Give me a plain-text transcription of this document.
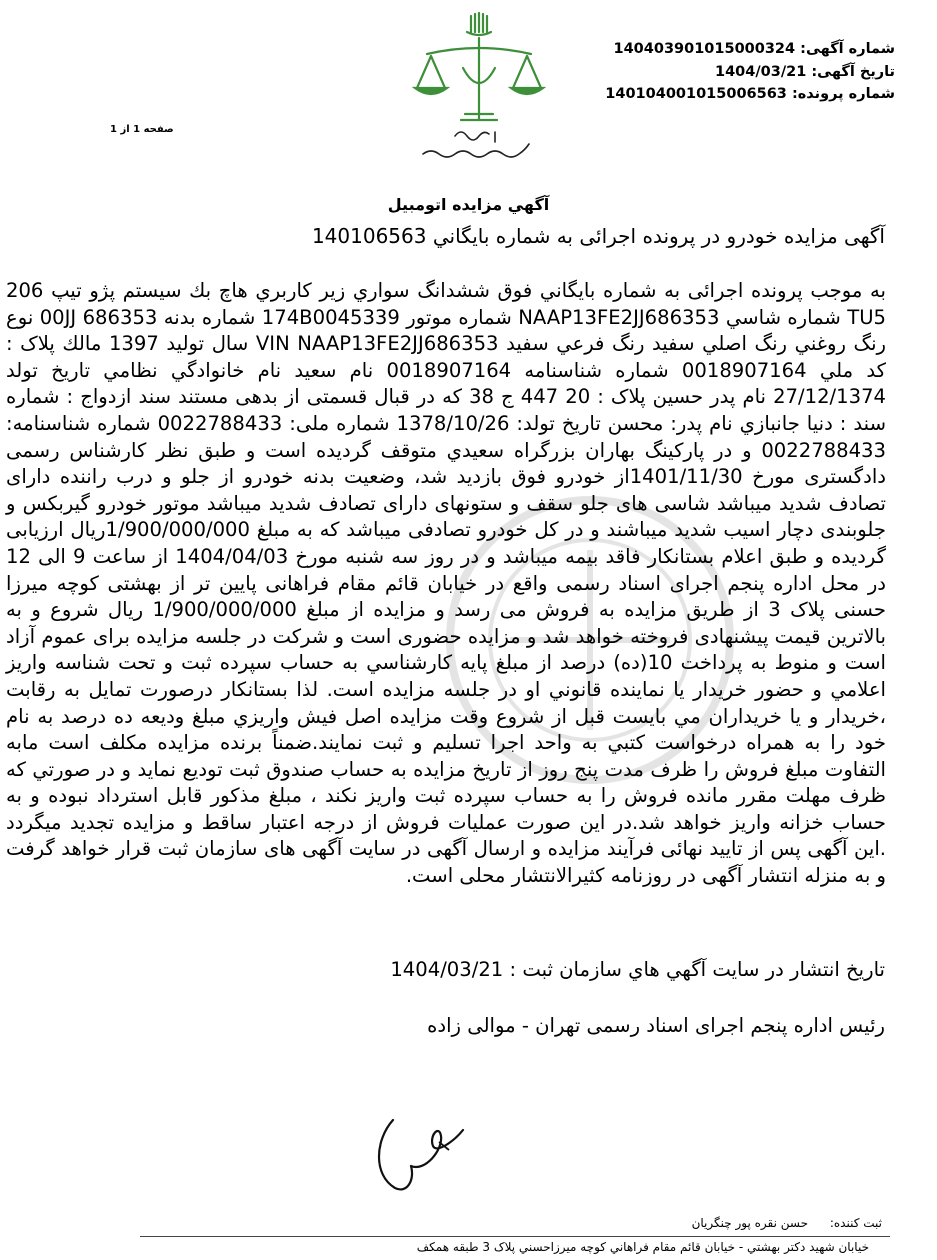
شماره آگهی: 140403901015000324
تاریخ آگهی: 1404/03/21
شماره پرونده: 140104001015006563
صفحه 1 از 1
آگهي مزايده اتومبيل
آگهی مزایده خودرو در پرونده اجرائی به شماره بایگاني 140106563
به موجب پرونده اجرائی به شماره بايگاني فوق ششدانگ سواري زير كاربري هاچ بك سيستم پژو تيپ 206 TU5 شماره شاسي NAAP13FE2JJ686353 شماره موتور 174B0045339 شماره بدنه 00JJ 686353 نوع رنگ روغني رنگ اصلي سفيد رنگ فرعي سفيد VIN NAAP13FE2JJ686353 سال توليد 1397 مالك پلاک : كد ملي 0018907164 شماره شناسنامه 0018907164 نام سعيد نام خانوادگي نظامي تاريخ تولد 27/12/1374 نام پدر حسين پلاک : 20 447 ج 38 که در قبال قسمتی از بدهی مستند سند ازدواج : شماره سند : دنيا جانبازي نام پدر: محسن تاریخ تولد: 1378/10/26 شماره ملی: 0022788433 شماره شناسنامه: 0022788433 و در پاركينگ بهاران بزرگراه سعيدي متوقف گرديده است و طبق نظر كارشناس رسمی دادگستری مورخ 1401/11/30از خودرو فوق بازديد شد، وضعيت بدنه خودرو از جلو و درب راننده دارای تصادف شديد ميباشد شاسی های جلو سقف و ستونهای دارای تصادف شديد ميباشد موتور خودرو گیربکس و جلوبندی دچار اسيب شديد ميباشند و در کل خودرو تصادفی ميباشد که به مبلغ 1/900/000/000ريال ارزيابی گرديده و طبق اعلام بستانكار فاقد بیمه میباشد و در روز سه شنبه مورخ 1404/04/03 از ساعت 9 الی 12 در محل اداره پنجم اجرای اسناد رسمی واقع در خیابان قائم مقام فراهانی پایین تر از بهشتی کوچه میرزا حسنی پلاک 3 از طریق مزایده به فروش می رسد و مزایده از مبلغ 1/900/000/000 ریال شروع و به بالاترین قیمت پیشنهادی فروخته خواهد شد و مزايده حضوری است و شرکت در جلسه مزایده برای عموم آزاد است و منوط به پرداخت 10(ده) درصد از مبلغ پايه كارشناسي به حساب سپرده ثبت و تحت شناسه واريز اعلامي و حضور خريدار يا نماينده قانوني او در جلسه مزايده است. لذا بستانكار درصورت تمایل به رقابت ،خريدار و يا خريداران مي بايست قبل از شروع وقت مزايده اصل فيش واريزي مبلغ وديعه ده درصد به نام خود را به همراه درخواست كتبي به واحد اجرا تسليم و ثبت نمايند.ضمناً برنده مزایده مکلف است مابه التفاوت مبلغ فروش را ظرف مدت پنج روز از تاريخ مزايده به حساب صندوق ثبت توديع نمايد و در صورتي كه ظرف مهلت مقرر مانده فروش را به حساب سپرده ثبت واريز نكند ، مبلغ مذكور قابل استرداد نبوده و به حساب خزانه واريز خواهد شد.در اين صورت عمليات فروش از درجه اعتبار ساقط و مزايده تجديد ميگردد .این آگهی پس از تایید نهائی فرآیند مزایده و ارسال آگهی در سایت آگهی های سازمان ثبت قرار خواهد گرفت و به منزله انتشار آگهی در روزنامه كثيرالانتشار محلی است.
تاريخ انتشار در سايت آگهي هاي سازمان ثبت : 1404/03/21
رئیس اداره پنجم اجرای اسناد رسمی تهران - موالی زاده
ثبت کننده: حسن نقره پور چنگریان
خيابان شهيد دكتر بهشتي - خيابان قائم مقام فراهاني كوچه ميرزاحسني پلاک 3 طبقه همكف
